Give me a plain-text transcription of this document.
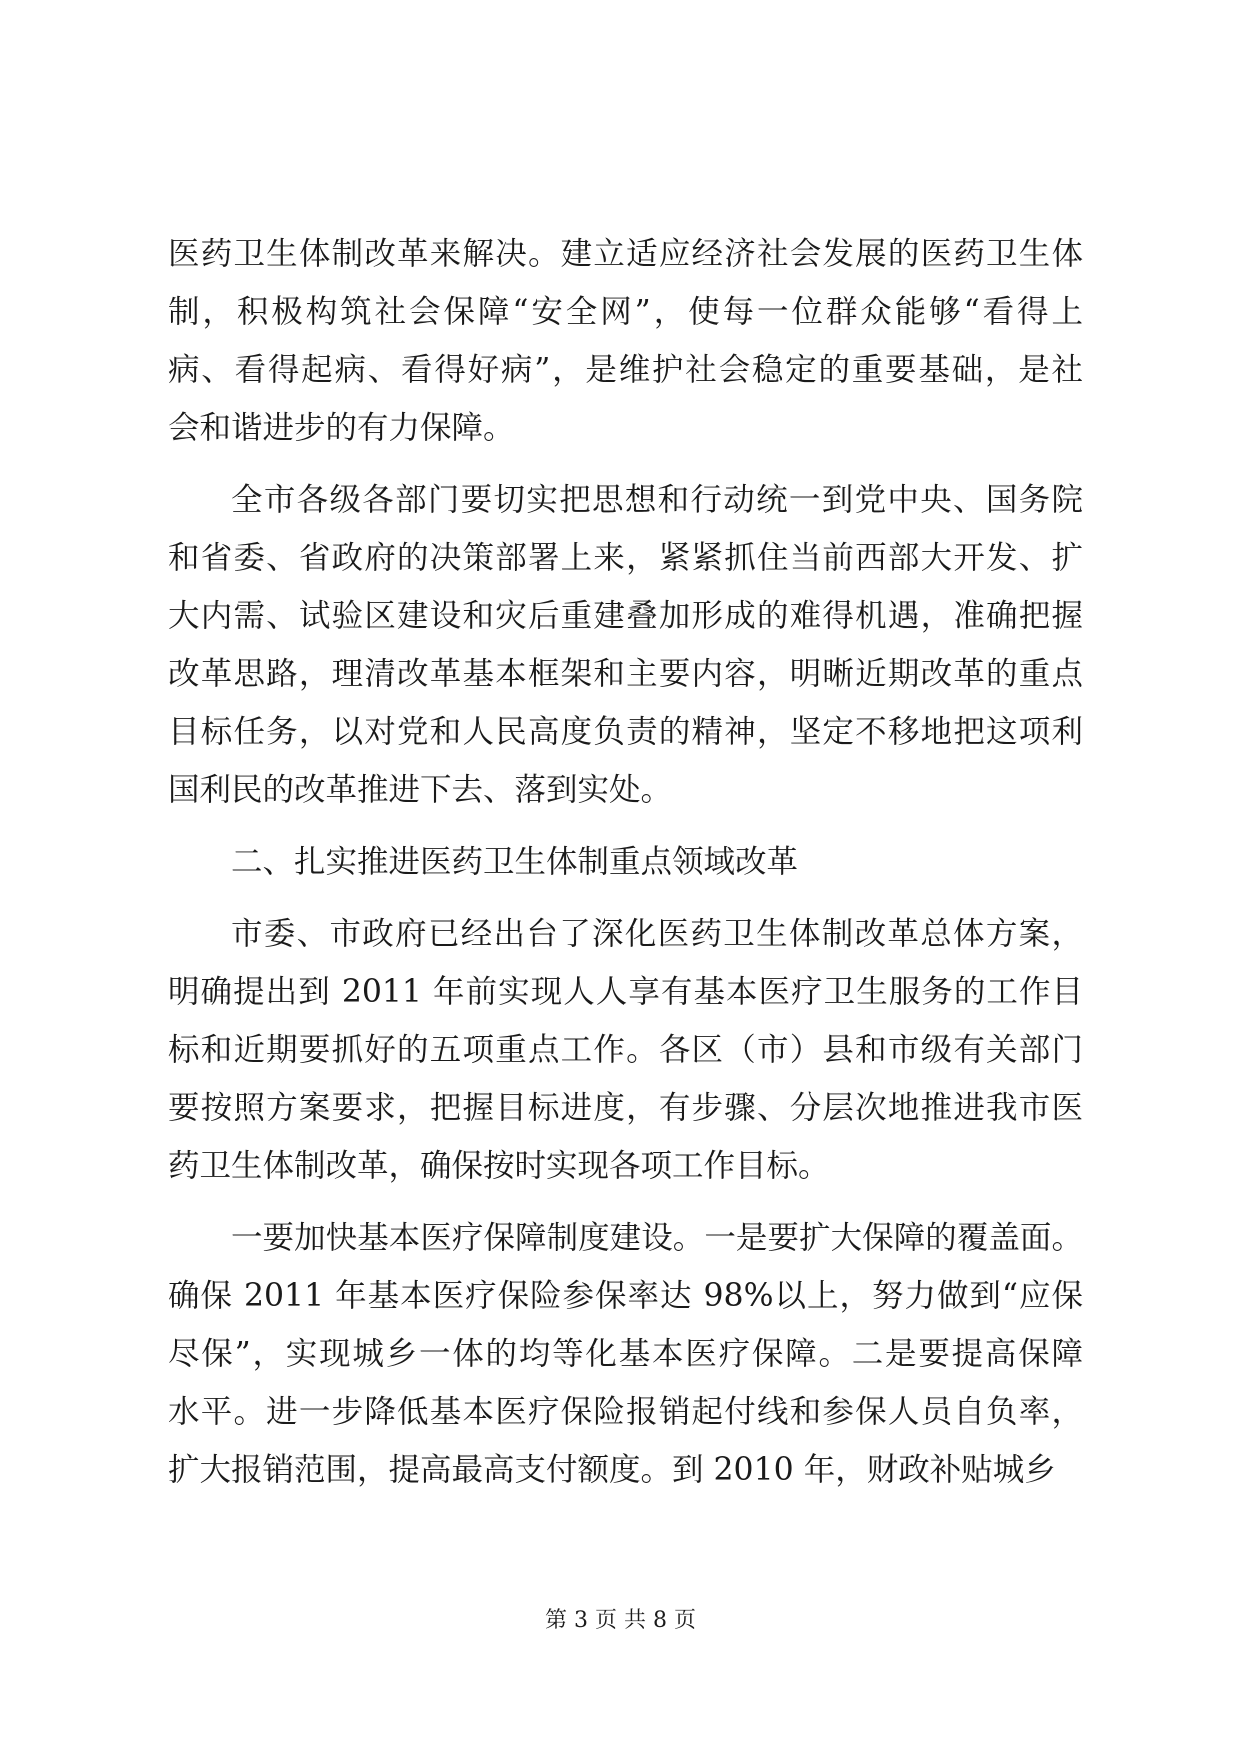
医药卫生体制改革来解决。建立适应经济社会发展的医药卫生体
制，积极构筑社会保障“安全网”，使每一位群众能够“看得上
病、看得起病、看得好病”，是维护社会稳定的重要基础，是社
会和谐进步的有力保障。
全市各级各部门要切实把思想和行动统一到党中央、国务院
和省委、省政府的决策部署上来，紧紧抓住当前西部大开发、扩
大内需、试验区建设和灾后重建叠加形成的难得机遇，准确把握
改革思路，理清改革基本框架和主要内容，明晰近期改革的重点
目标任务，以对党和人民高度负责的精神，坚定不移地把这项利
国利民的改革推进下去、落到实处。
二、扎实推进医药卫生体制重点领域改革
市委、市政府已经出台了深化医药卫生体制改革总体方案，
明确提出到 2011 年前实现人人享有基本医疗卫生服务的工作目
标和近期要抓好的五项重点工作。各区（市）县和市级有关部门
要按照方案要求，把握目标进度，有步骤、分层次地推进我市医
药卫生体制改革，确保按时实现各项工作目标。
一要加快基本医疗保障制度建设。一是要扩大保障的覆盖面。
确保 2011 年基本医疗保险参保率达 98%以上，努力做到“应保
尽保”，实现城乡一体的均等化基本医疗保障。二是要提高保障
水平。进一步降低基本医疗保险报销起付线和参保人员自负率，
扩大报销范围，提高最高支付额度。到 2010 年，财政补贴城乡
第 3 页 共 8 页
